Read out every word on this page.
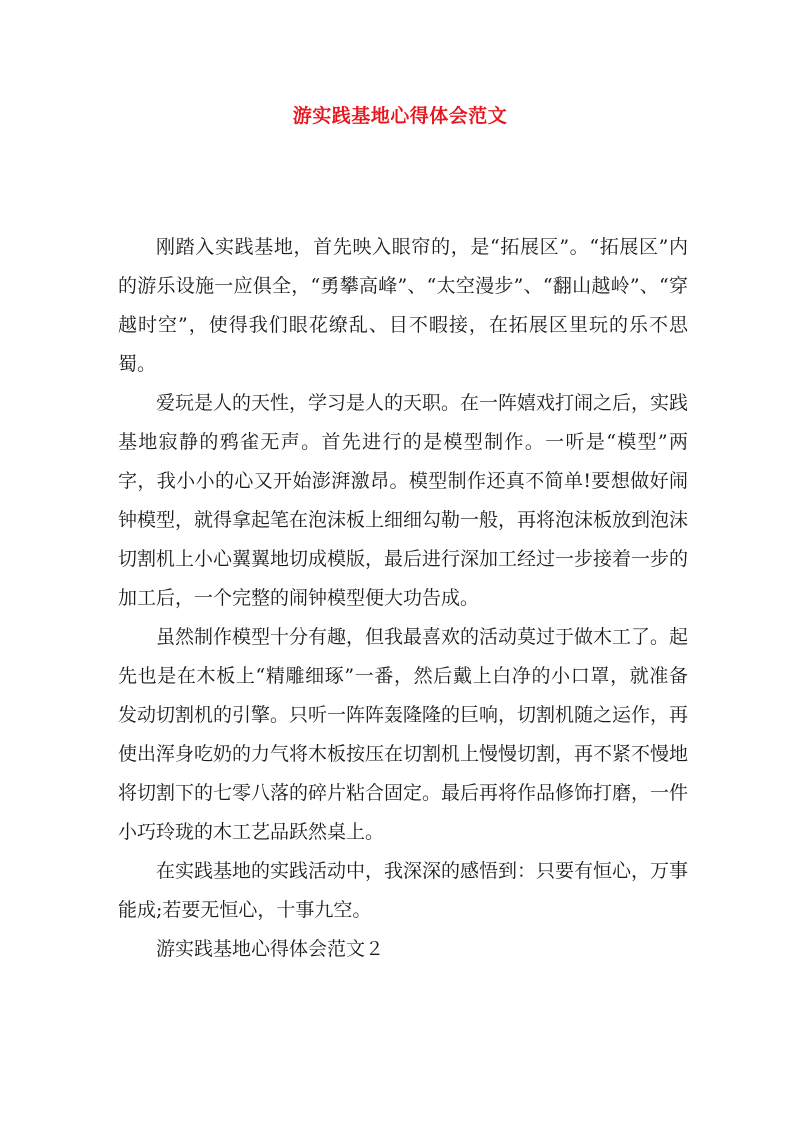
游实践基地心得体会范文

刚踏入实践基地，首先映入眼帘的，是“拓展区”。“拓展区”内的游乐设施一应俱全，“勇攀高峰”、“太空漫步”、“翻山越岭”、“穿越时空”，使得我们眼花缭乱、目不暇接，在拓展区里玩的乐不思蜀。

爱玩是人的天性，学习是人的天职。在一阵嬉戏打闹之后，实践基地寂静的鸦雀无声。首先进行的是模型制作。一听是“模型”两字，我小小的心又开始澎湃激昂。模型制作还真不简单!要想做好闹钟模型，就得拿起笔在泡沫板上细细勾勒一般，再将泡沫板放到泡沫切割机上小心翼翼地切成模版，最后进行深加工经过一步接着一步的加工后，一个完整的闹钟模型便大功告成。

虽然制作模型十分有趣，但我最喜欢的活动莫过于做木工了。起先也是在木板上“精雕细琢”一番，然后戴上白净的小口罩，就准备发动切割机的引擎。只听一阵阵轰隆隆的巨响，切割机随之运作，再使出浑身吃奶的力气将木板按压在切割机上慢慢切割，再不紧不慢地将切割下的七零八落的碎片粘合固定。最后再将作品修饰打磨，一件小巧玲珑的木工艺品跃然桌上。

在实践基地的实践活动中，我深深的感悟到：只要有恒心，万事能成;若要无恒心，十事九空。

游实践基地心得体会范文２
